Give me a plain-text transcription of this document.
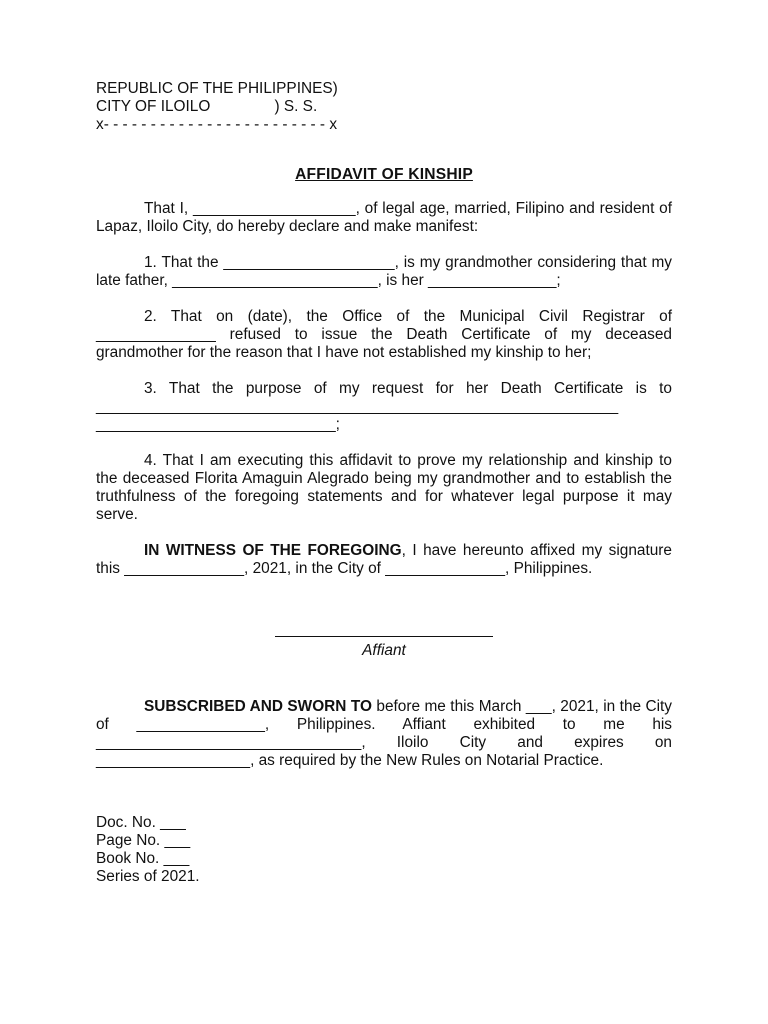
REPUBLIC OF THE PHILIPPINES)
CITY OF ILOILO               ) S. S.
x- - - - - - - - - - - - - - - - - - - - - - - - x
AFFIDAVIT OF KINSHIP

That I, ___________________, of legal age, married, Filipino and resident of Lapaz, Iloilo City, do hereby declare and make manifest:

1. That the ____________________, is my grandmother considering that my late father, ________________________, is her _______________;

2. That on (date), the Office of the Municipal Civil Registrar of ______________ refused to issue the Death Certificate of my deceased grandmother for the reason that I have not established my kinship to her;

3. That the purpose of my request for her Death Certificate is to _____________________________________________________________ ____________________________;

4. That I am executing this affidavit to prove my relationship and kinship to the deceased Florita Amaguin Alegrado being my grandmother and to establish the truthfulness of the foregoing statements and for whatever legal purpose it may serve.

IN WITNESS OF THE FOREGOING, I have hereunto affixed my signature this ______________, 2021, in the City of ______________, Philippines.

Affiant

SUBSCRIBED AND SWORN TO before me this March ___, 2021, in the City of _______________, Philippines. Affiant exhibited to me his _______________________________, Iloilo City and expires on __________________, as required by the New Rules on Notarial Practice.

Doc. No. ___
Page No. ___
Book No. ___
Series of 2021.
